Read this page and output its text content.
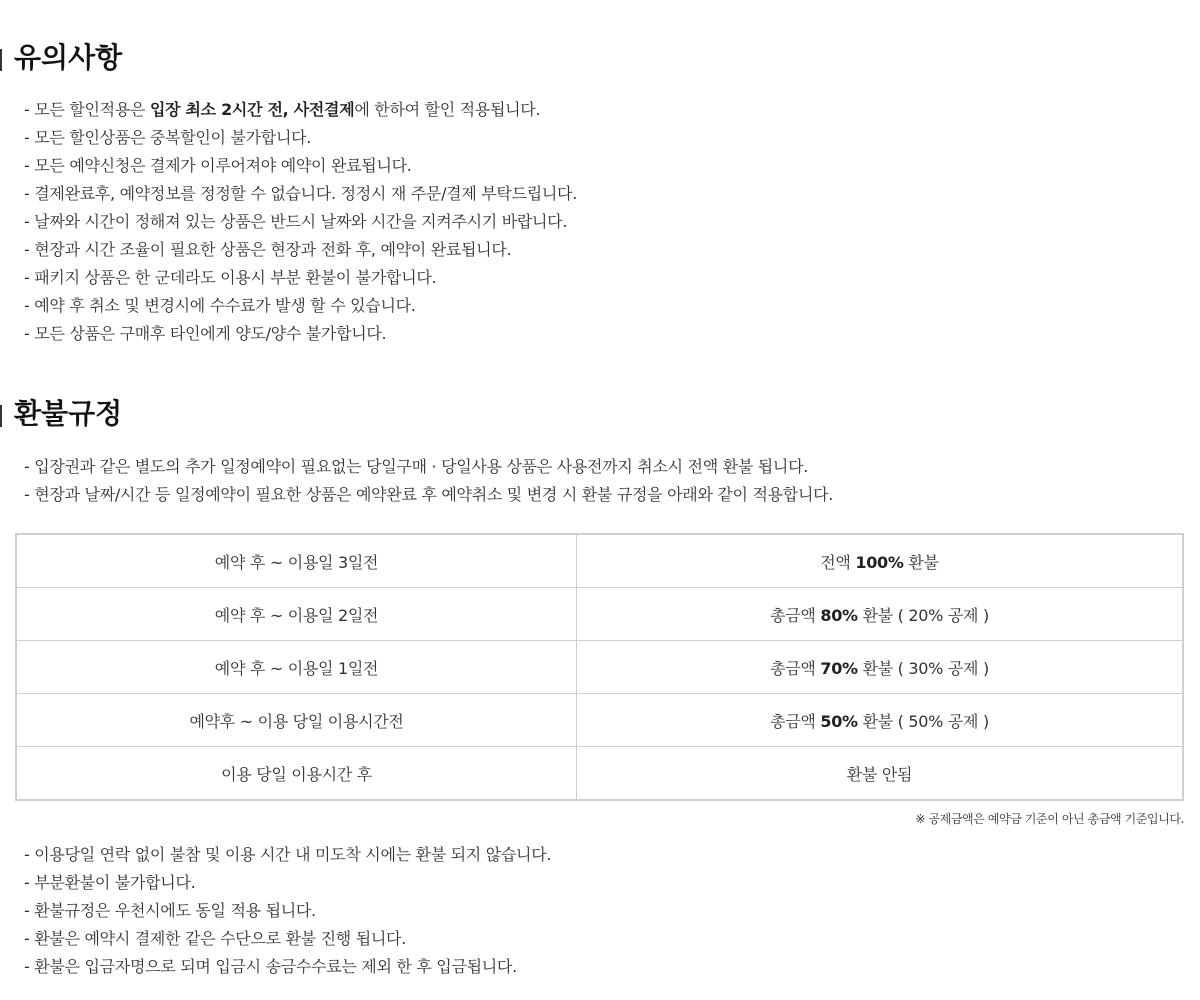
유의사항
- 모든 할인적용은 입장 최소 2시간 전, 사전결제에 한하여 할인 적용됩니다.
- 모든 할인상품은 중복할인이 불가합니다.
- 모든 예약신청은 결제가 이루어져야 예약이 완료됩니다.
- 결제완료후, 예약정보를 정정할 수 없습니다. 정정시 재 주문/결제 부탁드립니다.
- 날짜와 시간이 정해져 있는 상품은 반드시 날짜와 시간을 지켜주시기 바랍니다.
- 현장과 시간 조율이 필요한 상품은 현장과 전화 후, 예약이 완료됩니다.
- 패키지 상품은 한 군데라도 이용시 부분 환불이 불가합니다.
- 예약 후 취소 및 변경시에 수수료가 발생 할 수 있습니다.
- 모든 상품은 구매후 타인에게 양도/양수 불가합니다.
환불규정
- 입장권과 같은 별도의 추가 일정예약이 필요없는 당일구매 · 당일사용 상품은 사용전까지 취소시 전액 환불 됩니다.
- 현장과 날짜/시간 등 일정예약이 필요한 상품은 예약완료 후 예약취소 및 변경 시 환불 규정을 아래와 같이 적용합니다.
예약 후 ~ 이용일 3일전	전액 100% 환불
예약 후 ~ 이용일 2일전	총금액 80% 환불 ( 20% 공제 )
예약 후 ~ 이용일 1일전	총금액 70% 환불 ( 30% 공제 )
예약후 ~ 이용 당일 이용시간전	총금액 50% 환불 ( 50% 공제 )
이용 당일 이용시간 후	환불 안됨
※ 공제금액은 예약금 기준이 아닌 총금액 기준입니다.
- 이용당일 연락 없이 불참 및 이용 시간 내 미도착 시에는 환불 되지 않습니다.
- 부분환불이 불가합니다.
- 환불규정은 우천시에도 동일 적용 됩니다.
- 환불은 예약시 결제한 같은 수단으로 환불 진행 됩니다.
- 환불은 입금자명으로 되며 입금시 송금수수료는 제외 한 후 입금됩니다.
